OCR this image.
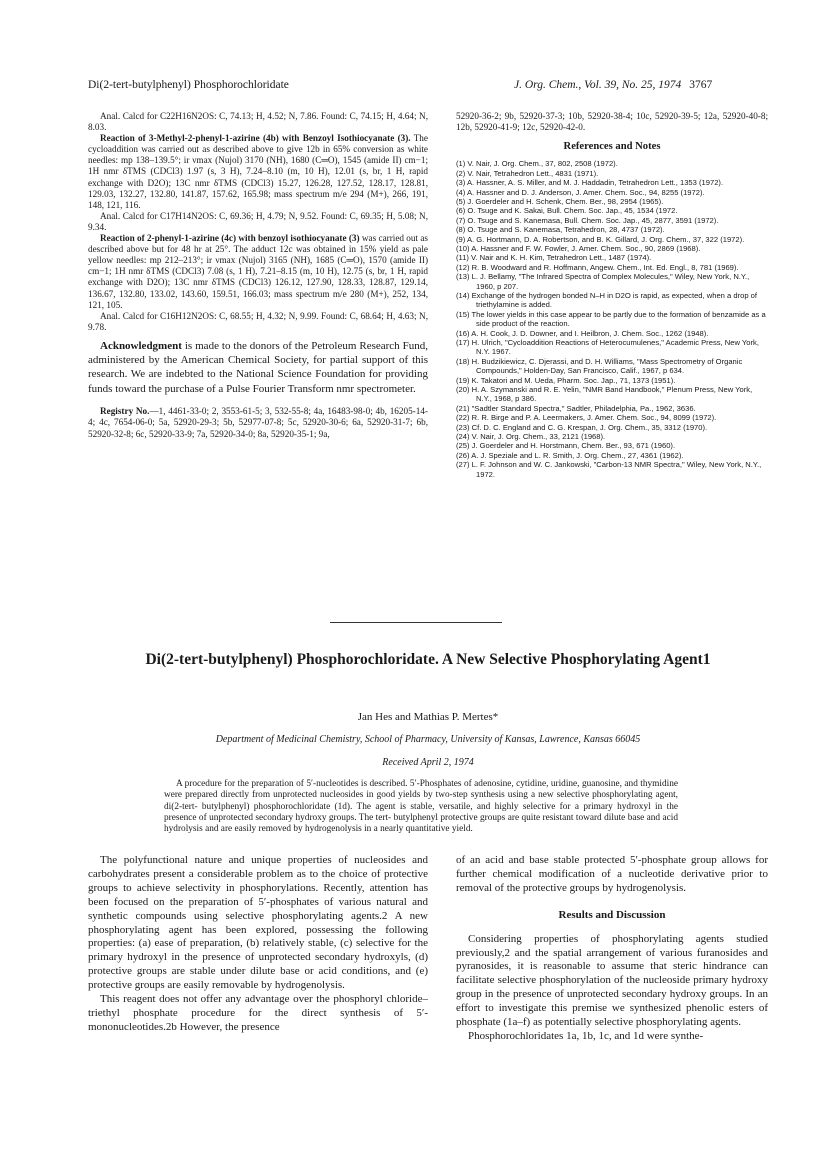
Di(2-tert-butylphenyl) Phosphorochloridate	J. Org. Chem., Vol. 39, No. 25, 1974 3767

Anal. Calcd for C22H16N2OS: C, 74.13; H, 4.52; N, 7.86. Found: C, 74.15; H, 4.64; N, 8.03.

Reaction of 3-Methyl-2-phenyl-1-azirine (4b) with Benzoyl Isothiocyanate (3). The cycloaddition was carried out as described above to give 12b in 65% conversion as white needles: mp 138–139.5°; ir νmax (Nujol) 3170 (NH), 1680 (C═O), 1545 (amide II) cm−1; 1H nmr δTMS (CDCl3) 1.97 (s, 3 H), 7.24–8.10 (m, 10 H), 12.01 (s, br, 1 H, rapid exchange with D2O); 13C nmr δTMS (CDCl3) 15.27, 126.28, 127.52, 128.17, 128.81, 129.03, 132.27, 132.80, 141.87, 157.62, 165.98; mass spectrum m/e 294 (M+), 266, 191, 148, 121, 116.

Anal. Calcd for C17H14N2OS: C, 69.36; H, 4.79; N, 9.52. Found: C, 69.35; H, 5.08; N, 9.34.

Reaction of 2-phenyl-1-azirine (4c) with benzoyl isothiocyanate (3) was carried out as described above but for 48 hr at 25°. The adduct 12c was obtained in 15% yield as pale yellow needles: mp 212–213°; ir νmax (Nujol) 3165 (NH), 1685 (C═O), 1570 (amide II) cm−1; 1H nmr δTMS (CDCl3) 7.08 (s, 1 H), 7.21–8.15 (m, 10 H), 12.75 (s, br, 1 H, rapid exchange with D2O); 13C nmr δTMS (CDCl3) 126.12, 127.90, 128.33, 128.87, 129.14, 136.67, 132.80, 133.02, 143.60, 159.51, 166.03; mass spectrum m/e 280 (M+), 252, 134, 121, 105.

Anal. Calcd for C16H12N2OS: C, 68.55; H, 4.32; N, 9.99. Found: C, 68.64; H, 4.63; N, 9.78.

Acknowledgment is made to the donors of the Petroleum Research Fund, administered by the American Chemical Society, for partial support of this research. We are indebted to the National Science Foundation for providing funds toward the purchase of a Pulse Fourier Transform nmr spectrometer.

Registry No.—1, 4461-33-0; 2, 3553-61-5; 3, 532-55-8; 4a, 16483-98-0; 4b, 16205-14-4; 4c, 7654-06-0; 5a, 52920-29-3; 5b, 52977-07-8; 5c, 52920-30-6; 6a, 52920-31-7; 6b, 52920-32-8; 6c, 52920-33-9; 7a, 52920-34-0; 8a, 52920-35-1; 9a,

52920-36-2; 9b, 52920-37-3; 10b, 52920-38-4; 10c, 52920-39-5; 12a, 52920-40-8; 12b, 52920-41-9; 12c, 52920-42-0.

References and Notes

(1) V. Nair, J. Org. Chem., 37, 802, 2508 (1972).

(2) V. Nair, Tetrahedron Lett., 4831 (1971).

(3) A. Hassner, A. S. Miller, and M. J. Haddadin, Tetrahedron Lett., 1353 (1972).

(4) A. Hassner and D. J. Anderson, J. Amer. Chem. Soc., 94, 8255 (1972).

(5) J. Goerdeler and H. Schenk, Chem. Ber., 98, 2954 (1965).

(6) O. Tsuge and K. Sakai, Bull. Chem. Soc. Jap., 45, 1534 (1972.

(7) O. Tsuge and S. Kanemasa, Bull. Chem. Soc. Jap., 45, 2877, 3591 (1972).

(8) O. Tsuge and S. Kanemasa, Tetrahedron, 28, 4737 (1972).

(9) A. G. Hortmann, D. A. Robertson, and B. K. Gillard, J. Org. Chem., 37, 322 (1972).

(10) A. Hassner and F. W. Fowler, J. Amer. Chem. Soc., 90, 2869 (1968).

(11) V. Nair and K. H. Kim, Tetrahedron Lett., 1487 (1974).

(12) R. B. Woodward and R. Hoffmann, Angew. Chem., Int. Ed. Engl., 8, 781 (1969).

(13) L. J. Bellamy, "The Infrared Spectra of Complex Molecules," Wiley, New York, N.Y., 1960, p 207.

(14) Exchange of the hydrogen bonded N–H in D2O is rapid, as expected, when a drop of triethylamine is added.

(15) The lower yields in this case appear to be partly due to the formation of benzamide as a side product of the reaction.

(16) A. H. Cook, J. D. Downer, and I. Heilbron, J. Chem. Soc., 1262 (1948).

(17) H. Ulrich, "Cycloaddition Reactions of Heterocumulenes," Academic Press, New York, N.Y. 1967.

(18) H. Budzikiewicz, C. Djerassi, and D. H. Williams, "Mass Spectrometry of Organic Compounds," Holden-Day, San Francisco, Calif., 1967, p 634.

(19) K. Takatori and M. Ueda, Pharm. Soc. Jap., 71, 1373 (1951).

(20) H. A. Szymanski and R. E. Yelin, "NMR Band Handbook," Plenum Press, New York, N.Y., 1968, p 386.

(21) "Sadtler Standard Spectra," Sadtler, Philadelphia, Pa., 1962, 3636.

(22) R. R. Birge and P. A. Leermakers, J. Amer. Chem. Soc., 94, 8099 (1972).

(23) Cf. D. C. England and C. G. Krespan, J. Org. Chem., 35, 3312 (1970).

(24) V. Nair, J. Org. Chem., 33, 2121 (1968).

(25) J. Goerdeler and H. Horstmann, Chem. Ber., 93, 671 (1960).

(26) A. J. Speziale and L. R. Smith, J. Org. Chem., 27, 4361 (1962).

(27) L. F. Johnson and W. C. Jankowski, "Carbon-13 NMR Spectra," Wiley, New York, N.Y., 1972.

Di(2-tert-butylphenyl) Phosphorochloridate. A New Selective Phosphorylating Agent1
Jan Hes and Mathias P. Mertes*
Department of Medicinal Chemistry, School of Pharmacy, University of Kansas, Lawrence, Kansas 66045
Received April 2, 1974
A procedure for the preparation of 5′-nucleotides is described. 5′-Phosphates of adenosine, cytidine, uridine, guanosine, and thymidine were prepared directly from unprotected nucleosides in good yields by two-step synthesis using a new selective phosphorylating agent, di(2-tert- butylphenyl) phosphorochloridate (1d). The agent is stable, versatile, and highly selective for a primary hydroxyl in the presence of unprotected secondary hydroxy groups. The tert- butylphenyl protective groups are quite resistant toward dilute base and acid hydrolysis and are easily removed by hydrogenolysis in a nearly quantitative yield.

The polyfunctional nature and unique properties of nucleosides and carbohydrates present a considerable problem as to the choice of protective groups to achieve selectivity in phosphorylations. Recently, attention has been focused on the preparation of 5′-phosphates of various natural and synthetic compounds using selective phosphorylating agents.2 A new phosphorylating agent has been explored, possessing the following properties: (a) ease of preparation, (b) relatively stable, (c) selective for the primary hydroxyl in the presence of unprotected secondary hydroxyls, (d) protective groups are stable under dilute base or acid conditions, and (e) protective groups are easily removable by hydrogenolysis.

This reagent does not offer any advantage over the phosphoryl chloride–triethyl phosphate procedure for the direct synthesis of 5′-mononucleotides.2b However, the presence

of an acid and base stable protected 5′-phosphate group allows for further chemical modification of a nucleotide derivative prior to removal of the protective groups by hydrogenolysis.

Results and Discussion

Considering properties of phosphorylating agents studied previously,2 and the spatial arrangement of various furanosides and pyranosides, it is reasonable to assume that steric hindrance can facilitate selective phosphorylation of the nucleoside primary hydroxy group in the presence of unprotected secondary hydroxy groups. In an effort to investigate this premise we synthesized phenolic esters of phosphate (1a–f) as potentially selective phosphorylating agents.

Phosphorochloridates 1a, 1b, 1c, and 1d were synthe-
